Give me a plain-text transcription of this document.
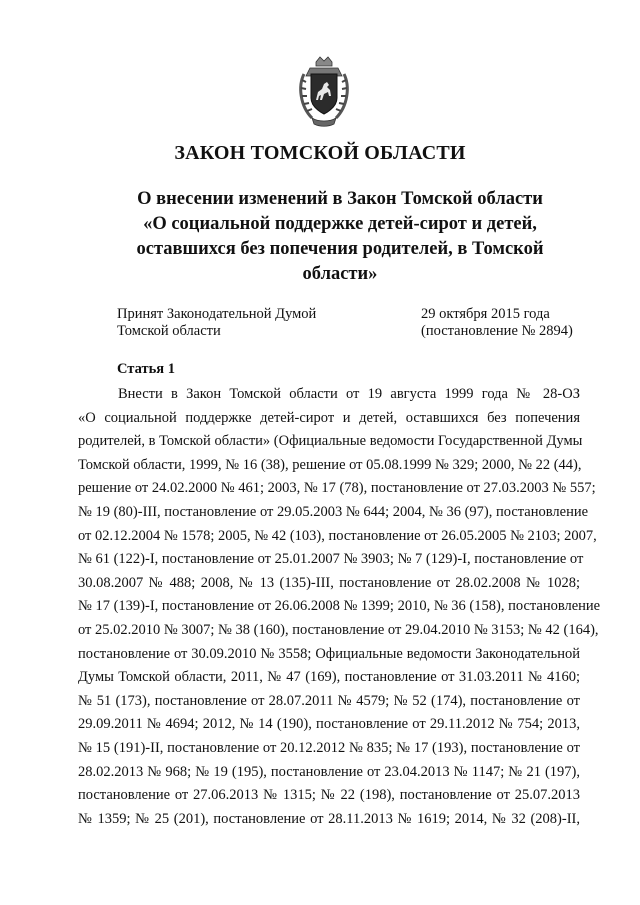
ЗАКОН ТОМСКОЙ ОБЛАСТИ
О внесении изменений в Закон Томской области
«О социальной поддержке детей-сирот и детей,
оставшихся без попечения родителей, в Томской
области»
Принят Законодательной Думой
Томской области
29 октября 2015 года
(постановление № 2894)
Статья 1
Внести в Закон Томской области от 19 августа 1999 года № 28-ОЗ
«О социальной поддержке детей-сирот и детей, оставшихся без попечения
родителей, в Томской области» (Официальные ведомости Государственной Думы
Томской области, 1999, № 16 (38), решение от 05.08.1999 № 329; 2000, № 22 (44),
решение от 24.02.2000 № 461; 2003, № 17 (78), постановление от 27.03.2003 № 557;
№ 19 (80)-III, постановление от 29.05.2003 № 644; 2004, № 36 (97), постановление
от 02.12.2004 № 1578; 2005, № 42 (103), постановление от 26.05.2005 № 2103; 2007,
№ 61 (122)-I, постановление от 25.01.2007 № 3903; № 7 (129)-I, постановление от
30.08.2007 № 488; 2008, № 13 (135)-III, постановление от 28.02.2008 № 1028;
№ 17 (139)-I, постановление от 26.06.2008 № 1399; 2010, № 36 (158), постановление
от 25.02.2010 № 3007; № 38 (160), постановление от 29.04.2010 № 3153; № 42 (164),
постановление от 30.09.2010 № 3558; Официальные ведомости Законодательной
Думы Томской области, 2011, № 47 (169), постановление от 31.03.2011 № 4160;
№ 51 (173), постановление от 28.07.2011 № 4579; № 52 (174), постановление от
29.09.2011 № 4694; 2012, № 14 (190), постановление от 29.11.2012 № 754; 2013,
№ 15 (191)-II, постановление от 20.12.2012 № 835; № 17 (193), постановление от
28.02.2013 № 968; № 19 (195), постановление от 23.04.2013 № 1147; № 21 (197),
постановление от 27.06.2013 № 1315; № 22 (198), постановление от 25.07.2013
№ 1359; № 25 (201), постановление от 28.11.2013 № 1619; 2014, № 32 (208)-II,
